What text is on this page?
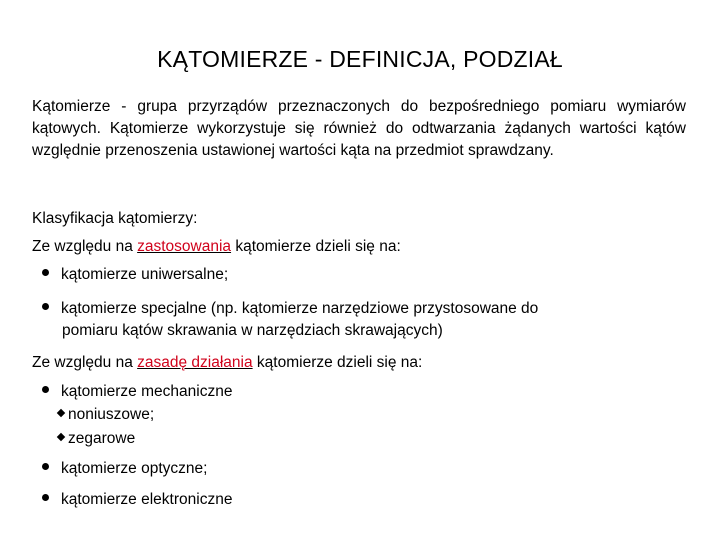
KĄTOMIERZE - DEFINICJA, PODZIAŁ

Kątomierze - grupa przyrządów przeznaczonych do bezpośredniego pomiaru wymiarów kątowych. Kątomierze wykorzystuje się również do odtwarzania żądanych wartości kątów względnie przenoszenia ustawionej wartości kąta na przedmiot sprawdzany.

Klasyfikacja kątomierzy:
Ze względu na zastosowania kątomierze dzieli się na:
kątomierze uniwersalne;
kątomierze specjalne (np. kątomierze narzędziowe przystosowane do
pomiaru kątów skrawania w narzędziach skrawających)
Ze względu na zasadę działania kątomierze dzieli się na:
kątomierze mechaniczne
noniuszowe;
zegarowe
kątomierze optyczne;
kątomierze elektroniczne
